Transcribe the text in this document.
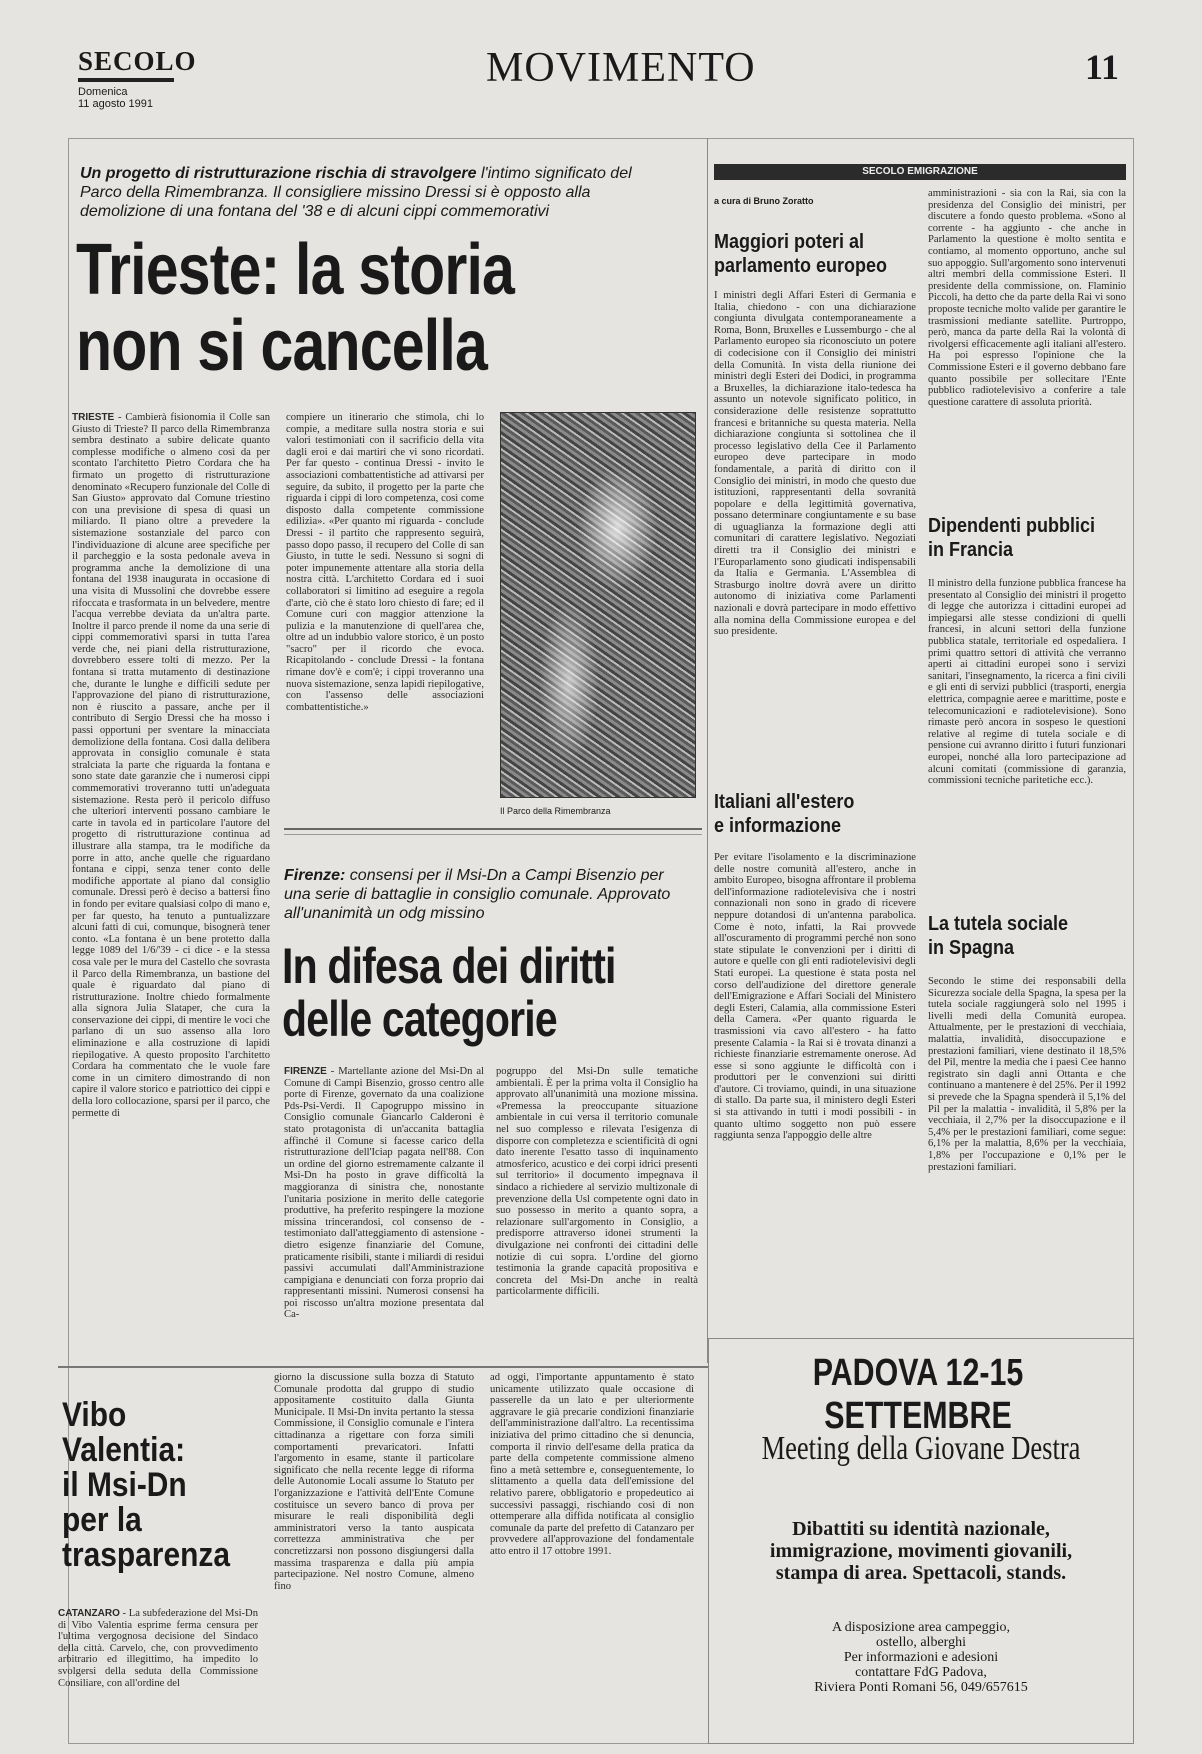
SECOLO
Domenica
11 agosto 1991
MOVIMENTO	11
Un progetto di ristrutturazione rischia di stravolgere l'intimo significato del Parco della Rimembranza. Il consigliere missino Dressi si è opposto alla demolizione di una fontana del '38 e di alcuni cippi commemorativi
Trieste: la storia
non si cancella
TRIESTE - Cambierà fisionomia il Colle san Giusto di Trieste? Il parco della Rimembranza sembra destinato a subire delicate quanto complesse modifiche o almeno così da per scontato l'architetto Pietro Cordara che ha firmato un progetto di ristrutturazione denominato «Recupero funzionale del Colle di San Giusto» approvato dal Comune triestino con una previsione di spesa di quasi un miliardo. Il piano oltre a prevedere la sistemazione sostanziale del parco con l'individuazione di alcune aree specifiche per il parcheggio e la sosta pedonale aveva in programma anche la demolizione di una fontana del 1938 inaugurata in occasione di una visita di Mussolini che dovrebbe essere rifoccata e trasformata in un belvedere, mentre l'acqua verrebbe deviata da un'altra parte. Inoltre il parco prende il nome da una serie di cippi commemorativi sparsi in tutta l'area verde che, nei piani della ristrutturazione, dovrebbero essere tolti di mezzo. Per la fontana si tratta mutamento di destinazione che, durante le lunghe e difficili sedute per l'approvazione del piano di ristrutturazione, non è riuscito a passare, anche per il contributo di Sergio Dressi che ha mosso i passi opportuni per sventare la minacciata demolizione della fontana. Così dalla delibera approvata in consiglio comunale è stata stralciata la parte che riguarda la fontana e sono state date garanzie che i numerosi cippi commemorativi troveranno tutti un'adeguata sistemazione. Resta però il pericolo diffuso che ulteriori interventi possano cambiare le carte in tavola ed in particolare l'autore del progetto di ristrutturazione continua ad illustrare alla stampa, tra le modifiche da porre in atto, anche quelle che riguardano fontana e cippi, senza tener conto delle modifiche apportate al piano dal consiglio comunale. Dressi però è deciso a battersi fino in fondo per evitare qualsiasi colpo di mano e, per far questo, ha tenuto a puntualizzare alcuni fatti di cui, comunque, bisognerà tener conto. «La fontana è un bene protetto dalla legge 1089 del 1/6/'39 - ci dice - e la stessa cosa vale per le mura del Castello che sovrasta il Parco della Rimembranza, un bastione del quale è riguardato dal piano di ristrutturazione. Inoltre chiedo formalmente alla signora Julia Slataper, che cura la conservazione dei cippi, di mentire le voci che parlano di un suo assenso alla loro eliminazione e alla costruzione di lapidi riepilogative. A questo proposito l'architetto Cordara ha commentato che le vuole fare come in un cimitero dimostrando di non capire il valore storico e patriottico dei cippi e della loro collocazione, sparsi per il parco, che permette di
compiere un itinerario che stimola, chi lo compie, a meditare sulla nostra storia e sui valori testimoniati con il sacrificio della vita dagli eroi e dai martiri che vi sono ricordati. Per far questo - continua Dressi - invito le associazioni combattentistiche ad attivarsi per seguire, da subito, il progetto per la parte che riguarda i cippi di loro competenza, così come disposto dalla competente commissione edilizia». «Per quanto mi riguarda - conclude Dressi - il partito che rappresento seguirà, passo dopo passo, il recupero del Colle di san Giusto, in tutte le sedi. Nessuno si sogni di poter impunemente attentare alla storia della nostra città. L'architetto Cordara ed i suoi collaboratori si limitino ad eseguire a regola d'arte, ciò che è stato loro chiesto di fare; ed il Comune curi con maggior attenzione la pulizia e la manutenzione di quell'area che, oltre ad un indubbio valore storico, è un posto "sacro" per il ricordo che evoca. Ricapitolando - conclude Dressi - la fontana rimane dov'è e com'è; i cippi troveranno una nuova sistemazione, senza lapidi riepilogative, con l'assenso delle associazioni combattentistiche.»
Il Parco della Rimembranza
Firenze: consensi per il Msi-Dn a Campi Bisenzio per una serie di battaglie in consiglio comunale. Approvato all'unanimità un odg missino
In difesa dei diritti
delle categorie
FIRENZE - Martellante azione del Msi-Dn al Comune di Campi Bisenzio, grosso centro alle porte di Firenze, governato da una coalizione Pds-Psi-Verdi. Il Capogruppo missino in Consiglio comunale Giancarlo Calderoni è stato protagonista di un'accanita battaglia affinché il Comune si facesse carico della ristrutturazione dell'Iciap pagata nell'88. Con un ordine del giorno estremamente calzante il Msi-Dn ha posto in grave difficoltà la maggioranza di sinistra che, nonostante l'unitaria posizione in merito delle categorie produttive, ha preferito respingere la mozione missina trincerandosi, col consenso de - testimoniato dall'atteggiamento di astensione - dietro esigenze finanziarie del Comune, praticamente risibili, stante i miliardi di residui passivi accumulati dall'Amministrazione campigiana e denunciati con forza proprio dai rappresentanti missini. Numerosi consensi ha poi riscosso un'altra mozione presentata dal Ca-
pogruppo del Msi-Dn sulle tematiche ambientali. È per la prima volta il Consiglio ha approvato all'unanimità una mozione missina. «Premessa la preoccupante situazione ambientale in cui versa il territorio comunale nel suo complesso e rilevata l'esigenza di disporre con completezza e scientificità di ogni dato inerente l'esatto tasso di inquinamento atmosferico, acustico e dei corpi idrici presenti sul territorio» il documento impegnava il sindaco a richiedere al servizio multizonale di prevenzione della Usl competente ogni dato in suo possesso in merito a quanto sopra, a relazionare sull'argomento in Consiglio, a predisporre attraverso idonei strumenti la divulgazione nei confronti dei cittadini delle notizie di cui sopra. L'ordine del giorno testimonia la grande capacità propositiva e concreta del Msi-Dn anche in realtà particolarmente difficili.
Vibo
Valentia:
il Msi-Dn
per la
trasparenza
CATANZARO - La subfederazione del Msi-Dn di Vibo Valentia esprime ferma censura per l'ultima vergognosa decisione del Sindaco della città. Carvelo, che, con provvedimento arbitrario ed illegittimo, ha impedito lo svolgersi della seduta della Commissione Consiliare, con all'ordine del
giorno la discussione sulla bozza di Statuto Comunale prodotta dal gruppo di studio appositamente costituito dalla Giunta Municipale. Il Msi-Dn invita pertanto la stessa Commissione, il Consiglio comunale e l'intera cittadinanza a rigettare con forza simili comportamenti prevaricatori. Infatti l'argomento in esame, stante il particolare significato che nella recente legge di riforma delle Autonomie Locali assume lo Statuto per l'organizzazione e l'attività dell'Ente Comune costituisce un severo banco di prova per misurare le reali disponibilità degli amministratori verso la tanto auspicata correttezza amministrativa che per concretizzarsi non possono disgiungersi dalla massima trasparenza e dalla più ampia partecipazione. Nel nostro Comune, almeno fino
ad oggi, l'importante appuntamento è stato unicamente utilizzato quale occasione di passerelle da un lato e per ulteriormente aggravare le già precarie condizioni finanziarie dell'amministrazione dall'altro. La recentissima iniziativa del primo cittadino che si denuncia, comporta il rinvio dell'esame della pratica da parte della competente commissione almeno fino a metà settembre e, conseguentemente, lo slittamento a quella data dell'emissione del relativo parere, obbligatorio e propedeutico ai successivi passaggi, rischiando così di non ottemperare alla diffida notificata al consiglio comunale da parte del prefetto di Catanzaro per provvedere all'approvazione del fondamentale atto entro il 17 ottobre 1991.
SECOLO EMIGRAZIONE
a cura di Bruno Zoratto
Maggiori poteri al
parlamento europeo
I ministri degli Affari Esteri di Germania e Italia, chiedono - con una dichiarazione congiunta divulgata contemporaneamente a Roma, Bonn, Bruxelles e Lussemburgo - che al Parlamento europeo sia riconosciuto un potere di codecisione con il Consiglio dei ministri della Comunità. In vista della riunione dei ministri degli Esteri dei Dodici, in programma a Bruxelles, la dichiarazione italo-tedesca ha assunto un notevole significato politico, in considerazione delle resistenze soprattutto francesi e britanniche su questa materia. Nella dichiarazione congiunta si sottolinea che il processo legislativo della Cee il Parlamento europeo deve partecipare in modo fondamentale, a parità di diritto con il Consiglio dei ministri, in modo che questo due istituzioni, rappresentanti della sovranità popolare e della legittimità governativa, possano determinare congiuntamente e su base di uguaglianza la formazione degli atti comunitari di carattere legislativo. Negoziati diretti tra il Consiglio dei ministri e l'Europarlamento sono giudicati indispensabili da Italia e Germania. L'Assemblea di Strasburgo inoltre dovrà avere un diritto autonomo di iniziativa come Parlamenti nazionali e dovrà partecipare in modo effettivo alla nomina della Commissione europea e del suo presidente.
Italiani all'estero
e informazione
Per evitare l'isolamento e la discriminazione delle nostre comunità all'estero, anche in ambito Europeo, bisogna affrontare il problema dell'informazione radiotelevisiva che i nostri connazionali non sono in grado di ricevere neppure dotandosi di un'antenna parabolica. Come è noto, infatti, la Rai provvede all'oscuramento di programmi perché non sono state stipulate le convenzioni per i diritti di autore e quelle con gli enti radiotelevisivi degli Stati europei. La questione è stata posta nel corso dell'audizione del direttore generale dell'Emigrazione e Affari Sociali del Ministero degli Esteri, Calamia, alla commissione Esteri della Camera. «Per quanto riguarda le trasmissioni via cavo all'estero - ha fatto presente Calamia - la Rai si è trovata dinanzi a richieste finanziarie estremamente onerose. Ad esse si sono aggiunte le difficoltà con i produttori per le convenzioni sui diritti d'autore. Ci troviamo, quindi, in una situazione di stallo. Da parte sua, il ministero degli Esteri si sta attivando in tutti i modi possibili - in quanto ultimo soggetto non può essere raggiunta senza l'appoggio delle altre
amministrazioni - sia con la Rai, sia con la presidenza del Consiglio dei ministri, per discutere a fondo questo problema. «Sono al corrente - ha aggiunto - che anche in Parlamento la questione è molto sentita e contiamo, al momento opportuno, anche sul suo appoggio. Sull'argomento sono intervenuti altri membri della commissione Esteri. Il presidente della commissione, on. Flaminio Piccoli, ha detto che da parte della Rai vi sono proposte tecniche molto valide per garantire le trasmissioni mediante satellite. Purtroppo, però, manca da parte della Rai la volontà di rivolgersi efficacemente agli italiani all'estero. Ha poi espresso l'opinione che la Commissione Esteri e il governo debbano fare quanto possibile per sollecitare l'Ente pubblico radiotelevisivo a conferire a tale questione carattere di assoluta priorità.
Dipendenti pubblici
in Francia
Il ministro della funzione pubblica francese ha presentato al Consiglio dei ministri il progetto di legge che autorizza i cittadini europei ad impiegarsi alle stesse condizioni di quelli francesi, in alcuni settori della funzione pubblica statale, territoriale ed ospedaliera. I primi quattro settori di attività che verranno aperti ai cittadini europei sono i servizi sanitari, l'insegnamento, la ricerca a fini civili e gli enti di servizi pubblici (trasporti, energia elettrica, compagnie aeree e marittime, poste e telecomunicazioni e radiotelevisione). Sono rimaste però ancora in sospeso le questioni relative al regime di tutela sociale e di pensione cui avranno diritto i futuri funzionari europei, nonché alla loro partecipazione ad alcuni comitati (commissione di garanzia, commissioni tecniche paritetiche ecc.).
La tutela sociale
in Spagna
Secondo le stime dei responsabili della Sicurezza sociale della Spagna, la spesa per la tutela sociale raggiungerà solo nel 1995 i livelli medi della Comunità europea. Attualmente, per le prestazioni di vecchiaia, malattia, invalidità, disoccupazione e prestazioni familiari, viene destinato il 18,5% del Pil, mentre la media che i paesi Cee hanno registrato sin dagli anni Ottanta e che continuano a mantenere è del 25%. Per il 1992 si prevede che la Spagna spenderà il 5,1% del Pil per la malattia - invalidità, il 5,8% per la vecchiaia, il 2,7% per la disoccupazione e il 5,4% per le prestazioni familiari, come segue: 6,1% per la malattia, 8,6% per la vecchiaia, 1,8% per l'occupazione e 0,1% per le prestazioni familiari.
PADOVA 12-15 SETTEMBRE
Meeting della Giovane Destra
Dibattiti su identità nazionale,
immigrazione, movimenti giovanili,
stampa di area. Spettacoli, stands.
A disposizione area campeggio,
ostello, alberghi
Per informazioni e adesioni
contattare FdG Padova,
Riviera Ponti Romani 56, 049/657615
